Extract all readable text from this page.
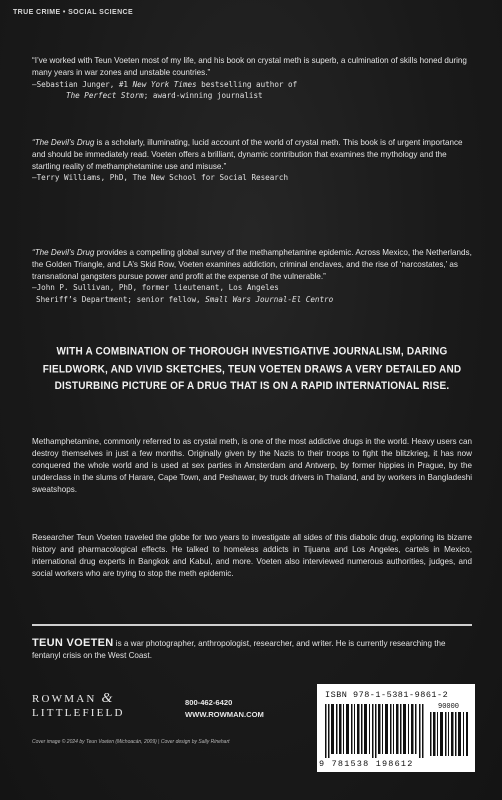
TRUE CRIME • SOCIAL SCIENCE
“I’ve worked with Teun Voeten most of my life, and his book on crystal meth is superb, a culmination of skills honed during many years in war zones and unstable countries.”
—Sebastian Junger, #1 New York Times bestselling author of
The Perfect Storm; award-winning journalist
“The Devil’s Drug is a scholarly, illuminating, lucid account of the world of crystal meth. This book is of urgent importance and should be immediately read. Voeten offers a brilliant, dynamic contribution that examines the mythology and the startling reality of methamphetamine use and misuse.”
—Terry Williams, PhD, The New School for Social Research
“The Devil’s Drug provides a compelling global survey of the methamphetamine epidemic. Across Mexico, the Netherlands, the Golden Triangle, and LA’s Skid Row, Voeten examines addiction, criminal enclaves, and the rise of ‘narcostates,’ as transnational gangsters pursue power and profit at the expense of the vulnerable.”
—John P. Sullivan, PhD, former lieutenant, Los Angeles
Sheriff’s Department; senior fellow, Small Wars Journal-El Centro
WITH A COMBINATION OF THOROUGH INVESTIGATIVE JOURNALISM, DARING FIELDWORK, AND VIVID SKETCHES, TEUN VOETEN DRAWS A VERY DETAILED AND DISTURBING PICTURE OF A DRUG THAT IS ON A RAPID INTERNATIONAL RISE.
Methamphetamine, commonly referred to as crystal meth, is one of the most addictive drugs in the world. Heavy users can destroy themselves in just a few months. Originally given by the Nazis to their troops to fight the blitzkrieg, it has now conquered the whole world and is used at sex parties in Amsterdam and Antwerp, by former hippies in Prague, by the underclass in the slums of Harare, Cape Town, and Peshawar, by truck drivers in Thailand, and by workers in Bangladeshi sweatshops.
Researcher Teun Voeten traveled the globe for two years to investigate all sides of this diabolic drug, exploring its bizarre history and pharmacological effects. He talked to homeless addicts in Tijuana and Los Angeles, cartels in Mexico, international drug experts in Bangkok and Kabul, and more. Voeten also interviewed numerous authorities, judges, and social workers who are trying to stop the meth epidemic.
TEUN VOETEN is a war photographer, anthropologist, researcher, and writer. He is currently researching the fentanyl crisis on the West Coast.
ROWMAN &
LITTLEFIELD
800-462-6420
WWW.ROWMAN.COM
Cover image © 2024 by Teun Voeten (Michoacán, 2009) | Cover design by Sally Rinehart
ISBN 978-1-5381-9861-2
90000
9 781538 198612
